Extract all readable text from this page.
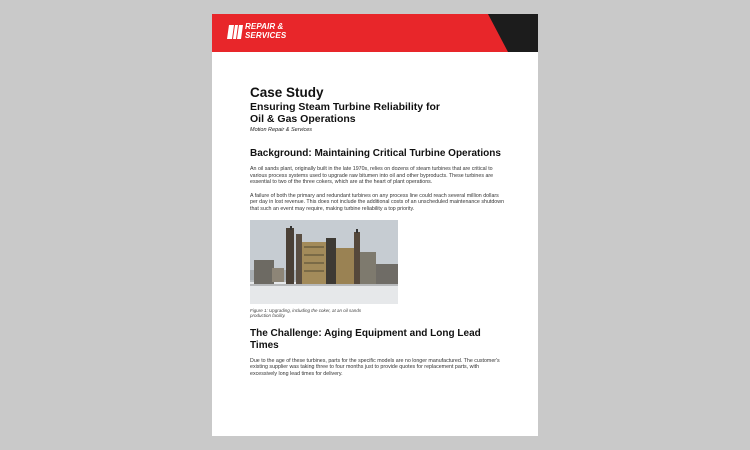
REPAIR &
SERVICES
Case Study
Ensuring Steam Turbine Reliability for
Oil & Gas Operations
Motion Repair & Services
Background: Maintaining Critical Turbine Operations

An oil sands plant, originally built in the late 1970s, relies on dozens of steam turbines that are critical to various process systems used to upgrade raw bitumen into oil and other byproducts. These turbines are essential to two of the three cokers, which are at the heart of plant operations.

A failure of both the primary and redundant turbines on any process line could reach several million dollars per day in lost revenue. This does not include the additional costs of an unscheduled maintenance shutdown that such an event may require, making turbine reliability a top priority.

Figure 1: Upgrading, including the coker, at an oil sands production facility.
The Challenge: Aging Equipment and Long Lead
Times

Due to the age of these turbines, parts for the specific models are no longer manufactured. The customer's existing supplier was taking three to four months just to provide quotes for replacement parts, with excessively long lead times for delivery.
